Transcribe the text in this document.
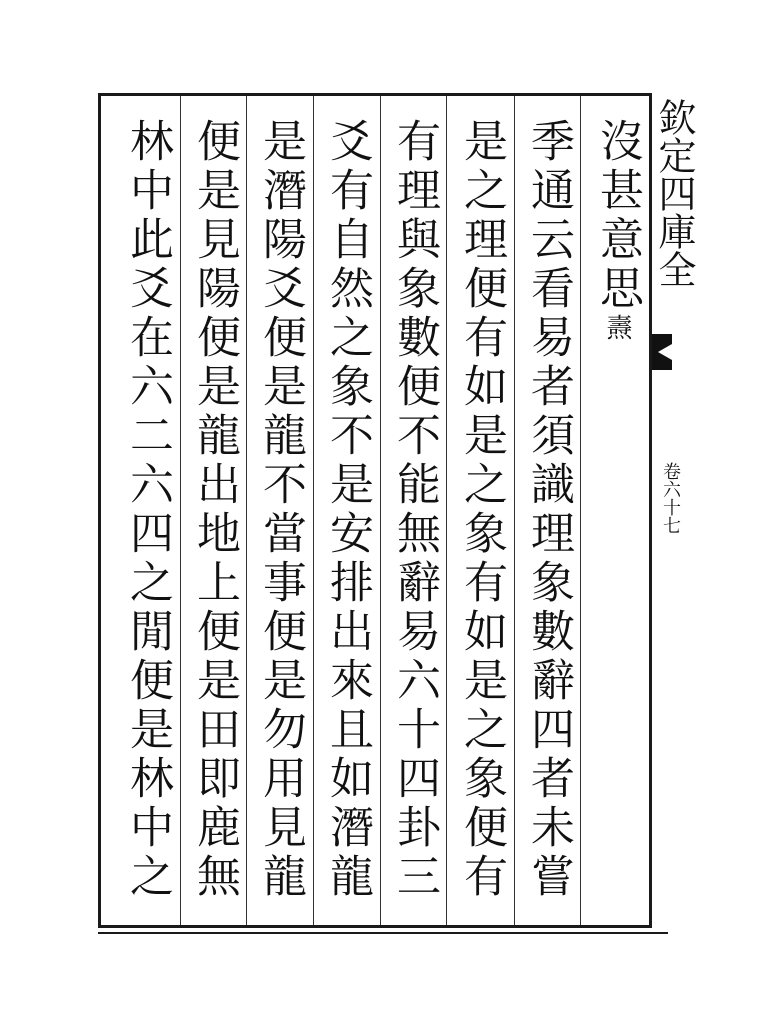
沒甚意思燾
季通云看易者須識理象數辭四者未嘗
是之理便有如是之象有如是之象便有
有理與象數便不能無辭易六十四卦三
爻有自然之象不是安排出來且如潛龍
是潛陽爻便是龍不當事便是勿用見龍
便是見陽便是龍出地上便是田即鹿無
林中此爻在六二六四之閒便是林中之
欽定四庫全
卷六十七
